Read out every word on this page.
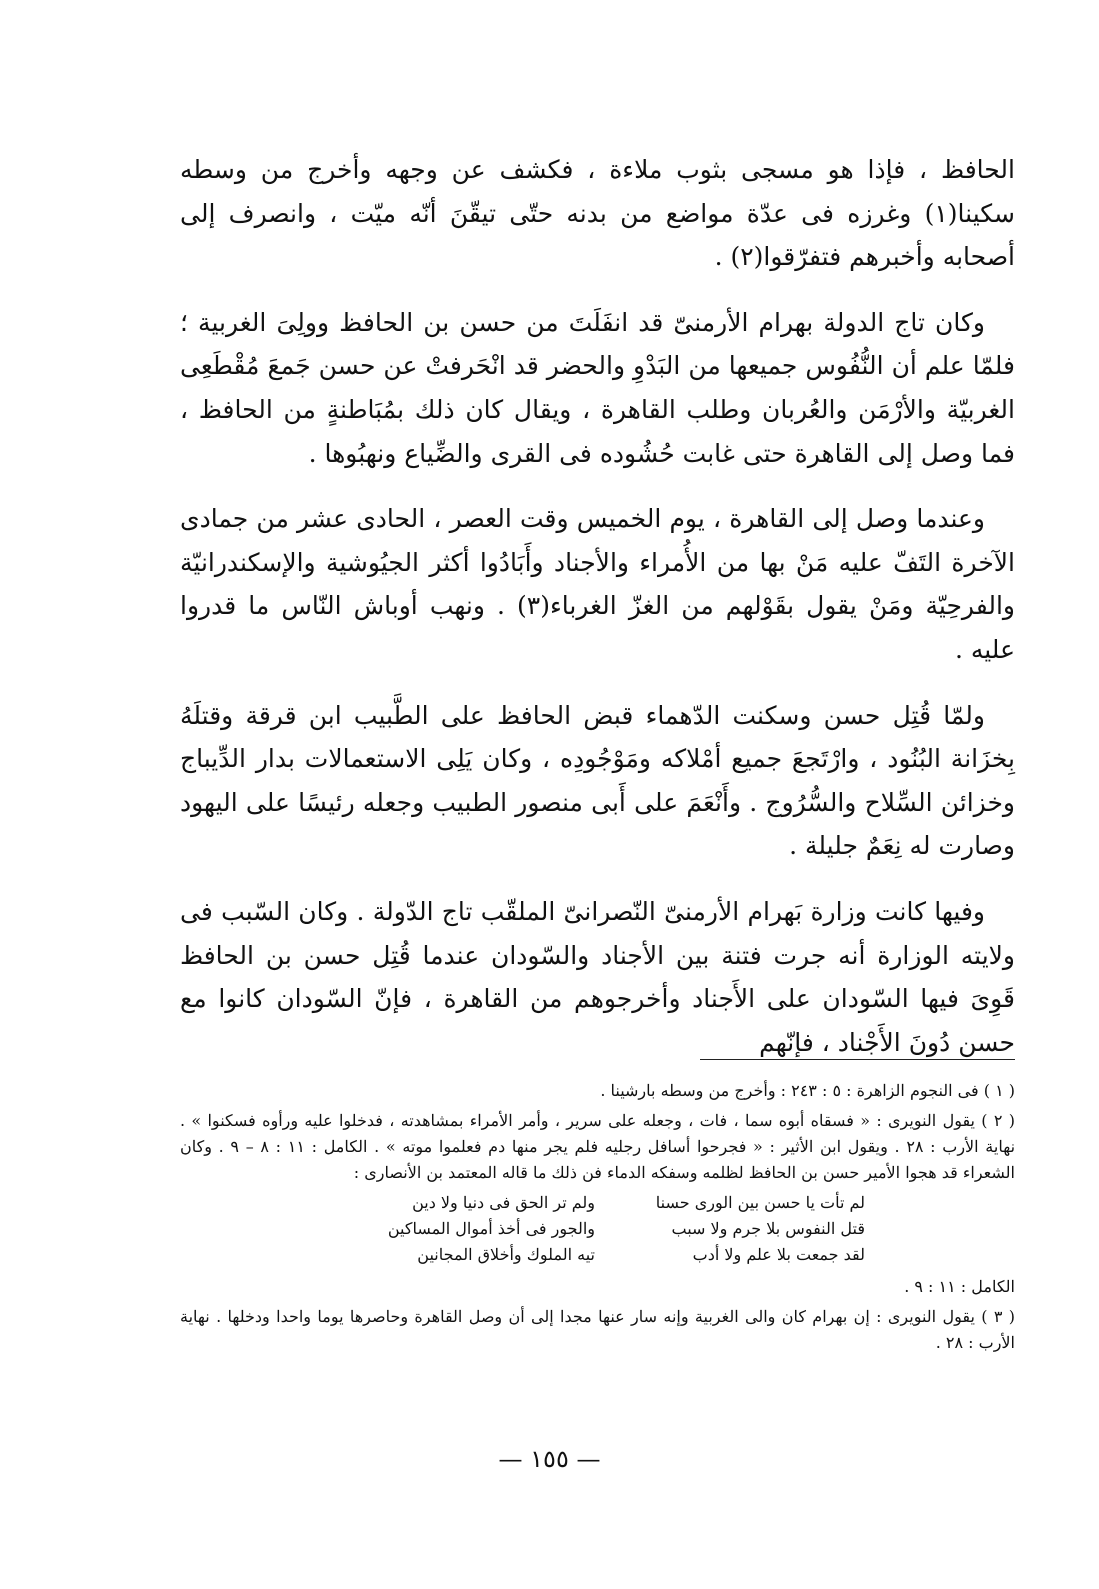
الحافظ ، فإذا هو مسجى بثوب ملاءة ، فكشف عن وجهه وأخرج من وسطه سكينا(١) وغرزه فى عدّة مواضع من بدنه حتّى تيقّنَ أنّه ميّت ، وانصرف إلى أصحابه وأخبرهم فتفرّقوا(٢) .

وكان تاج الدولة بهرام الأرمنىّ قد انفَلَتَ من حسن بن الحافظ وولِىَ الغربية ؛ فلمّا علم أن النُّفُوس جميعها من البَدْوِ والحضر قد انْحَرفتْ عن حسن جَمعَ مُقْطَعِى الغربيّة والأرْمَن والعُربان وطلب القاهرة ، ويقال كان ذلك بمُبَاطنةٍ من الحافظ ، فما وصل إلى القاهرة حتى غابت حُشُوده فى القرى والضِّياع ونهبُوها .

وعندما وصل إلى القاهرة ، يوم الخميس وقت العصر ، الحادى عشر من جمادى الآخرة التَفّ عليه مَنْ بها من الأُمراء والأجناد وأَبَادُوا أكثر الجيُوشية والإسكندرانيّة والفرحِيّة ومَنْ يقول بقَوْلهم من الغزّ الغرباء(٣) . ونهب أوباش النّاس ما قدروا عليه .

ولمّا قُتِل حسن وسكنت الدّهماء قبض الحافظ على الطَّبيب ابن قرقة وقتلَهُ بِخزَانة البُنُود ، وارْتَجعَ جميع أمْلاكه ومَوْجُودِه ، وكان يَلِى الاستعمالات بدار الدِّيباج وخزائن السِّلاح والسُّرُوج . وأَنْعَمَ على أَبى منصور الطبيب وجعله رئيسًا على اليهود وصارت له نِعَمٌ جليلة .

وفيها كانت وزارة بَهرام الأرمنىّ النّصرانىّ الملقّب تاج الدّولة . وكان السّبب فى ولايته الوزارة أنه جرت فتنة بين الأجناد والسّودان عندما قُتِل حسن بن الحافظ قَوِىَ فيها السّودان على الأَجناد وأخرجوهم من القاهرة ، فإنّ السّودان كانوا مع حسن دُونَ الأَجْناد ، فإنّهم

( ١ ) فى النجوم الزاهرة : ٥ : ٢٤٣ : وأخرج من وسطه بارشينا .

( ٢ ) يقول النويرى : « فسقاه أبوه سما ، فات ، وجعله على سرير ، وأمر الأمراء بمشاهدته ، فدخلوا عليه ورأوه فسكنوا » . نهاية الأرب : ٢٨ . ويقول ابن الأثير : « فجرحوا أسافل رجليه فلم يجر منها دم فعلموا موته » . الكامل : ١١ : ٨ – ٩ . وكان الشعراء قد هجوا الأمير حسن بن الحافظ لظلمه وسفكه الدماء فن ذلك ما قاله المعتمد بن الأنصارى :

لم تأت يا حسن بين الورى حسنا
ولم تر الحق فى دنيا ولا دين
قتل النفوس بلا جرم ولا سبب
والجور فى أخذ أموال المساكين
لقد جمعت بلا علم ولا أدب
تيه الملوك وأخلاق المجانين

الكامل : ١١ : ٩ .

( ٣ ) يقول النويرى : إن بهرام كان والى الغربية وإنه سار عنها مجدا إلى أن وصل القاهرة وحاصرها يوما واحدا ودخلها . نهاية الأرب : ٢٨ .

— ١٥٥ —
